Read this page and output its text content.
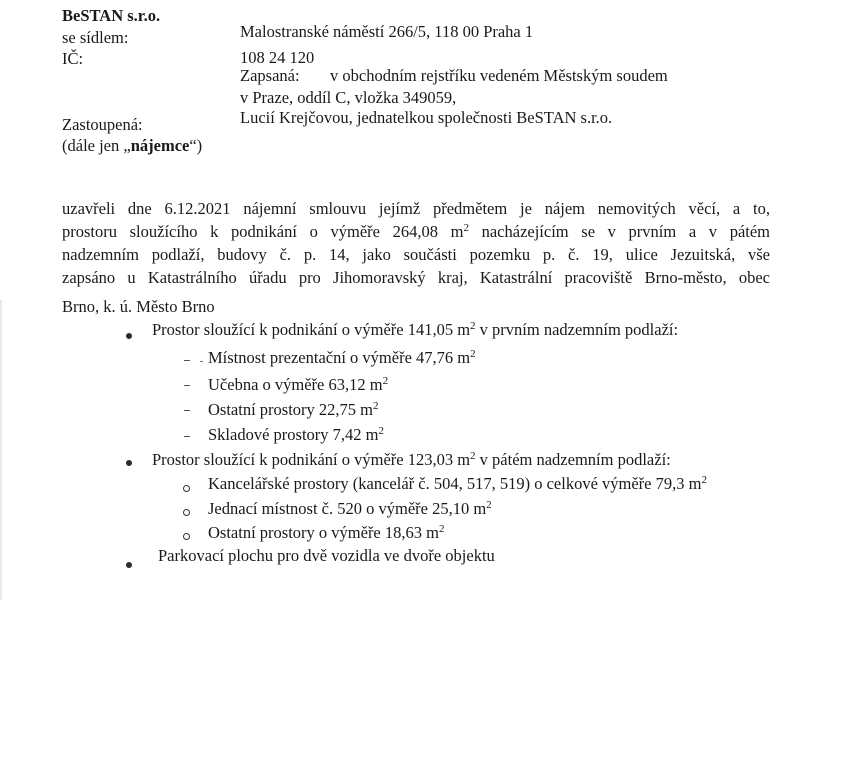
BeSTAN s.r.o.
se sídlem:	Malostranské náměstí 266/5, 118 00 Praha 1
IČ:	108 24 120
Zapsaná: v obchodním rejstříku vedeném Městským soudem
v Praze, oddíl C, vložka 349059,
Zastoupená:	Lucií Krejčovou, jednatelkou společnosti BeSTAN s.r.o.
(dále jen „nájemce“)
uzavřeli dne 6.12.2021 nájemní smlouvu jejímž předmětem je nájem nemovitých věcí, a to,
prostoru sloužícího k podnikání o výměře 264,08 $m^2$ nacházejícím se v prvním a v pátém
nadzemním podlaží, budovy č. p. 14, jako součásti pozemku p. č. 19, ulice Jezuitská, vše
zapsáno u Katastrálního úřadu pro Jihomoravský kraj, Katastrální pracoviště Brno-město, obec
Brno, k. ú. Město Brno
Prostor sloužící k podnikání o výměře 141,05 $m^2$ v prvním nadzemním podlaží:
Místnost prezentační o výměře 47,76 $m^2$
Učebna o výměře 63,12 $m^2$
Ostatní prostory 22,75 $m^2$
Skladové prostory 7,42 $m^2$
Prostor sloužící k podnikání o výměře 123,03 $m^2$ v pátém nadzemním podlaží:
Kancelářské prostory (kancelář č. 504, 517, 519) o celkové výměře 79,3 $m^2$
Jednací místnost č. 520 o výměře 25,10 $m^2$
Ostatní prostory o výměře 18,63 $m^2$
Parkovací plochu pro dvě vozidla ve dvoře objektu
